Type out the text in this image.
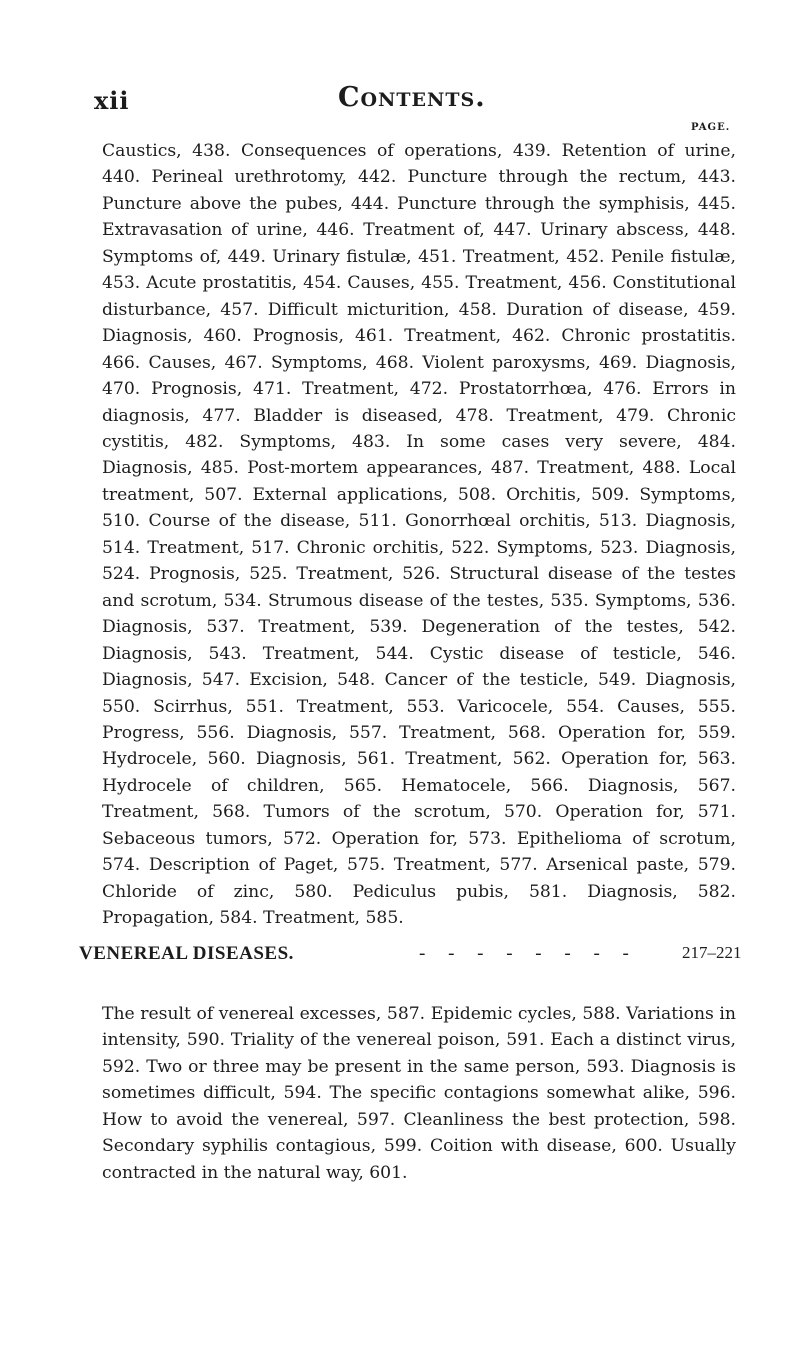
xii	Contents.
PAGE.
Caustics, 438. Consequences of operations, 439. Retention of urine, 440. Perineal urethrotomy, 442. Puncture through the rectum, 443. Puncture above the pubes, 444. Puncture through the symphisis, 445. Extravasation of urine, 446. Treatment of, 447. Urinary abscess, 448. Symptoms of, 449. Urinary fistulæ, 451. Treatment, 452. Penile fistulæ, 453. Acute prostatitis, 454. Causes, 455. Treatment, 456. Constitutional disturbance, 457. Difficult micturition, 458. Duration of disease, 459. Diagnosis, 460. Prognosis, 461. Treatment, 462. Chronic prostatitis. 466. Causes, 467. Symptoms, 468. Violent paroxysms, 469. Diagnosis, 470. Prognosis, 471. Treatment, 472. Prostatorrhœa, 476. Errors in diagnosis, 477. Bladder is diseased, 478. Treatment, 479. Chronic cystitis, 482. Symptoms, 483. In some cases very severe, 484. Diagnosis, 485. Post-mortem appearances, 487. Treatment, 488. Local treatment, 507. External applications, 508. Orchitis, 509. Symptoms, 510. Course of the disease, 511. Gonorrhœal orchitis, 513. Diagnosis, 514. Treatment, 517. Chronic orchitis, 522. Symptoms, 523. Diagnosis, 524. Prognosis, 525. Treatment, 526. Structural disease of the testes and scrotum, 534. Strumous disease of the testes, 535. Symptoms, 536. Diagnosis, 537. Treatment, 539. Degeneration of the testes, 542. Diagnosis, 543. Treatment, 544. Cystic disease of testicle, 546. Diagnosis, 547. Excision, 548. Cancer of the testicle, 549. Diagnosis, 550. Scirrhus, 551. Treatment, 553. Varicocele, 554. Causes, 555. Progress, 556. Diagnosis, 557. Treatment, 568. Operation for, 559. Hydrocele, 560. Diagnosis, 561. Treatment, 562. Operation for, 563. Hydrocele of children, 565. Hematocele, 566. Diagnosis, 567. Treatment, 568. Tumors of the scrotum, 570. Operation for, 571. Sebaceous tumors, 572. Operation for, 573. Epithelioma of scrotum, 574. Description of Paget, 575. Treatment, 577. Arsenical paste, 579. Chloride of zinc, 580. Pediculus pubis, 581. Diagnosis, 582. Propagation, 584. Treatment, 585.
VENEREAL DISEASES.	- - - - - - - -	217–221
The result of venereal excesses, 587. Epidemic cycles, 588. Variations in intensity, 590. Triality of the venereal poison, 591. Each a distinct virus, 592. Two or three may be present in the same person, 593. Diagnosis is sometimes difficult, 594. The specific contagions somewhat alike, 596. How to avoid the venereal, 597. Cleanliness the best protection, 598. Secondary syphilis contagious, 599. Coition with disease, 600. Usually contracted in the natural way, 601.
